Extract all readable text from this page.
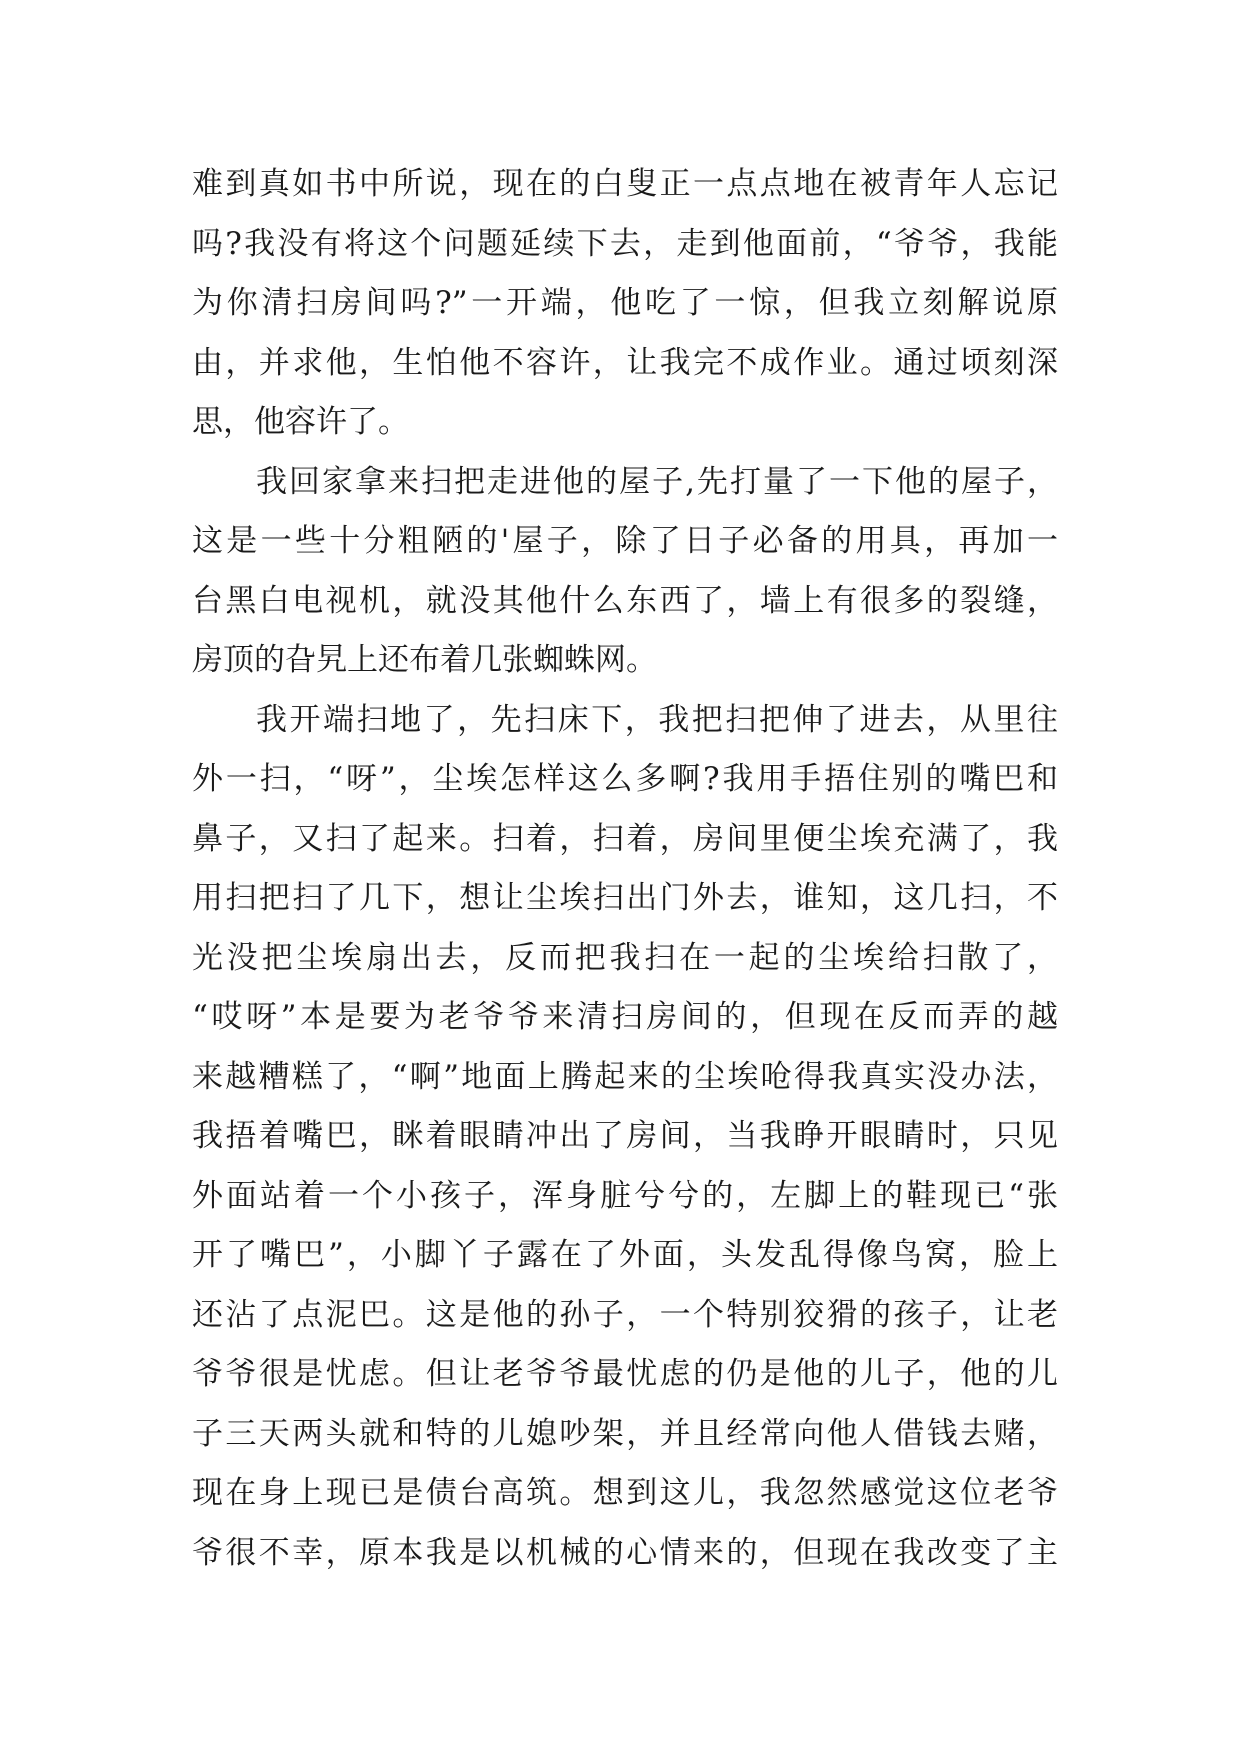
难到真如书中所说，现在的白叟正一点点地在被青年人忘记
吗?我没有将这个问题延续下去，走到他面前，“爷爷，我能
为你清扫房间吗?”一开端，他吃了一惊，但我立刻解说原
由，并求他，生怕他不容许，让我完不成作业。通过顷刻深
思，他容许了。
我回家拿来扫把走进他的屋子,先打量了一下他的屋子，
这是一些十分粗陋的'屋子，除了日子必备的用具，再加一
台黑白电视机，就没其他什么东西了，墙上有很多的裂缝，
房顶的旮旯上还布着几张蜘蛛网。
我开端扫地了，先扫床下，我把扫把伸了进去，从里往
外一扫，“呀”，尘埃怎样这么多啊?我用手捂住别的嘴巴和
鼻子，又扫了起来。扫着，扫着，房间里便尘埃充满了，我
用扫把扫了几下，想让尘埃扫出门外去，谁知，这几扫，不
光没把尘埃扇出去，反而把我扫在一起的尘埃给扫散了，
“哎呀”本是要为老爷爷来清扫房间的，但现在反而弄的越
来越糟糕了，“啊”地面上腾起来的尘埃呛得我真实没办法，
我捂着嘴巴，眯着眼睛冲出了房间，当我睁开眼睛时，只见
外面站着一个小孩子，浑身脏兮兮的，左脚上的鞋现已“张
开了嘴巴”，小脚丫子露在了外面，头发乱得像鸟窝，脸上
还沾了点泥巴。这是他的孙子，一个特别狡猾的孩子，让老
爷爷很是忧虑。但让老爷爷最忧虑的仍是他的儿子，他的儿
子三天两头就和特的儿媳吵架，并且经常向他人借钱去赌，
现在身上现已是债台高筑。想到这儿，我忽然感觉这位老爷
爷很不幸，原本我是以机械的心情来的，但现在我改变了主
